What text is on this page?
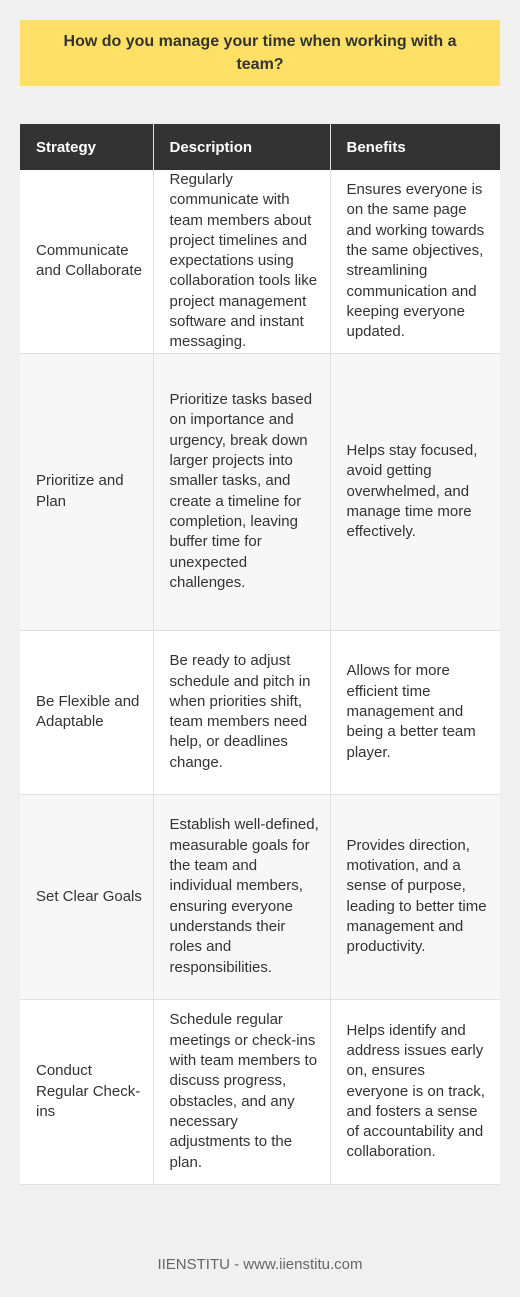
How do you manage your time when working with a team?
Strategy	Description	Benefits
Communicate and Collaborate	Regularly communicate with team members about project timelines and expectations using collaboration tools like project management software and instant messaging.	Ensures everyone is on the same page and working towards the same objectives, streamlining communication and keeping everyone updated.
Prioritize and Plan	Prioritize tasks based on importance and urgency, break down larger projects into smaller tasks, and create a timeline for completion, leaving buffer time for unexpected challenges.	Helps stay focused, avoid getting overwhelmed, and manage time more effectively.
Be Flexible and Adaptable	Be ready to adjust schedule and pitch in when priorities shift, team members need help, or deadlines change.	Allows for more efficient time management and being a better team player.
Set Clear Goals	Establish well-defined, measurable goals for the team and individual members, ensuring everyone understands their roles and responsibilities.	Provides direction, motivation, and a sense of purpose, leading to better time management and productivity.
Conduct Regular Check-ins	Schedule regular meetings or check-ins with team members to discuss progress, obstacles, and any necessary adjustments to the plan.	Helps identify and address issues early on, ensures everyone is on track, and fosters a sense of accountability and collaboration.
IIENSTITU - www.iienstitu.com
